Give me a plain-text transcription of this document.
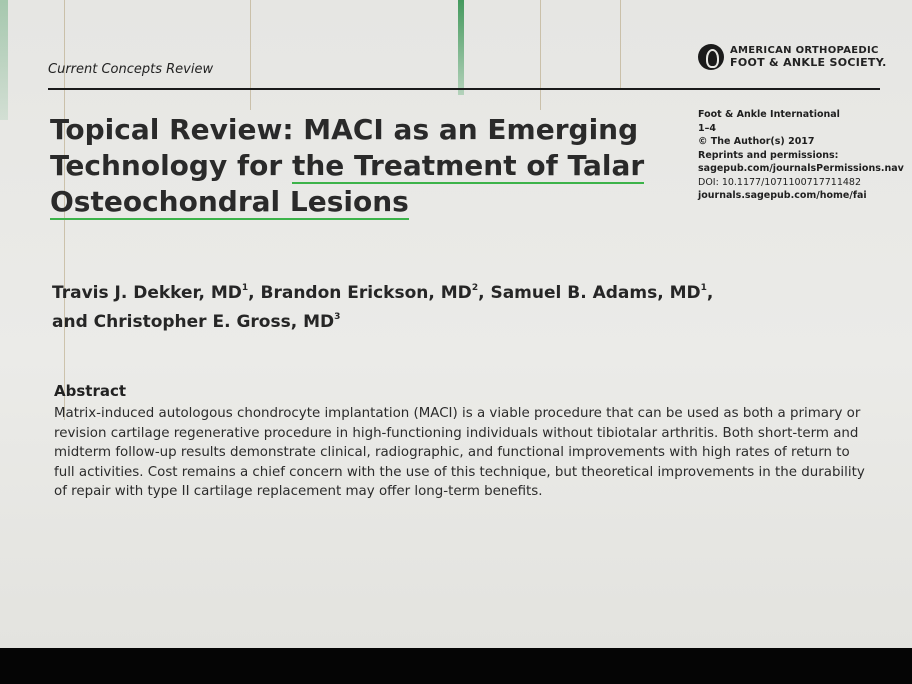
Current Concepts Review
AMERICAN ORTHOPAEDIC
FOOT & ANKLE SOCIETY.
Topical Review: MACI as an Emerging
Technology for the Treatment of Talar
Osteochondral Lesions
Foot & Ankle International
1–4
© The Author(s) 2017
Reprints and permissions:
sagepub.com/journalsPermissions.nav
DOI: 10.1177/1071100717711482
journals.sagepub.com/home/fai
Travis J. Dekker, $MD^1$, Brandon Erickson, $MD^2$, Samuel B. Adams, $MD^1$,
and Christopher E. Gross, $MD^3$
Abstract
Matrix-induced autologous chondrocyte implantation (MACI) is a viable procedure that can be used as both a primary or revision cartilage regenerative procedure in high-functioning individuals without tibiotalar arthritis. Both short-term and midterm follow-up results demonstrate clinical, radiographic, and functional improvements with high rates of return to full activities. Cost remains a chief concern with the use of this technique, but theoretical improvements in the durability of repair with type II cartilage replacement may offer long-term benefits.
